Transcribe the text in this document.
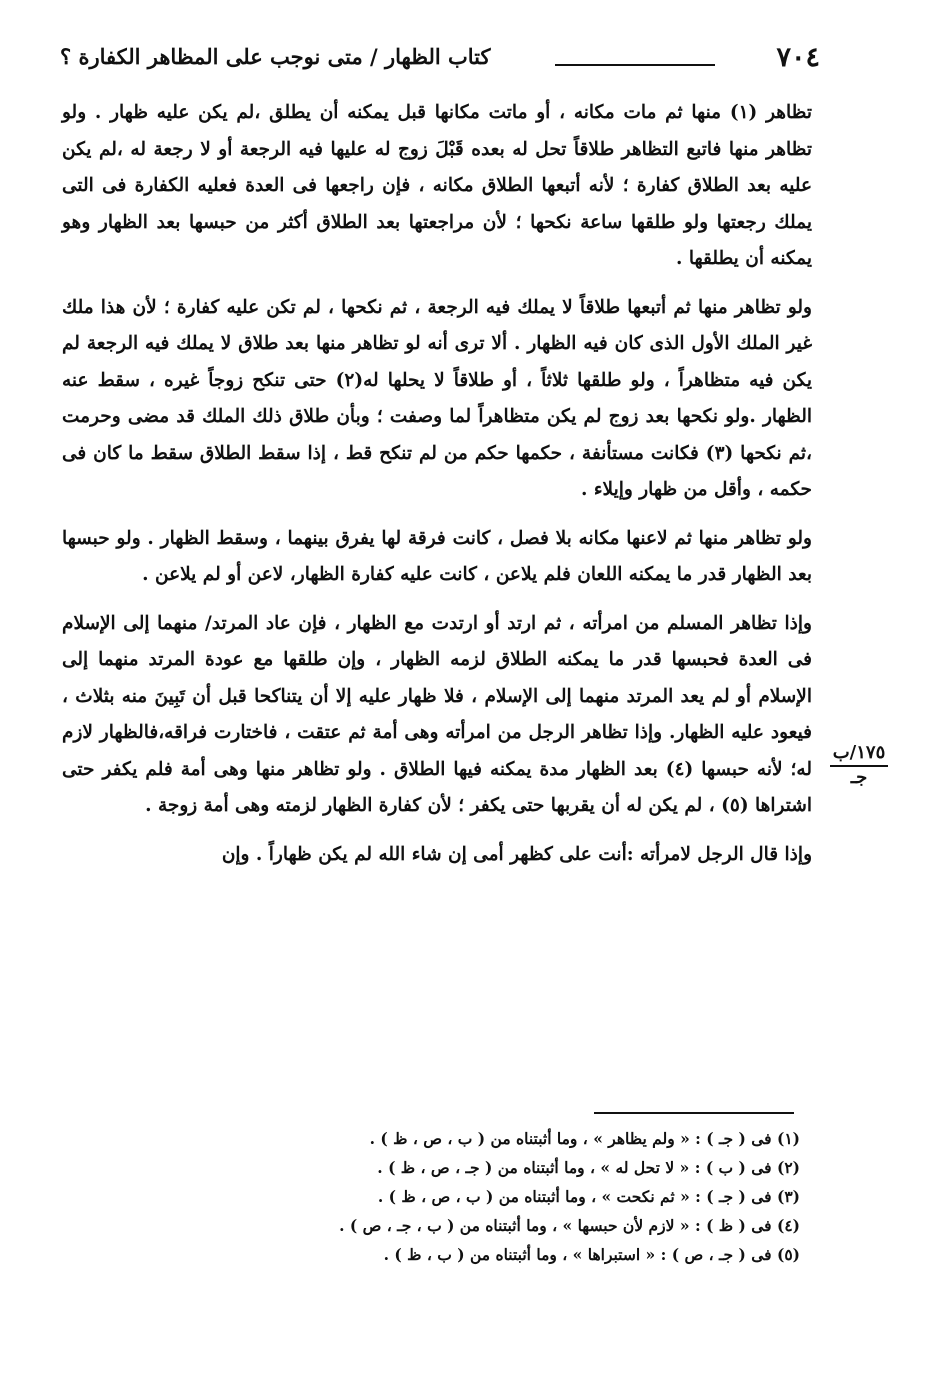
٧٠٤
كتاب الظهار / متى نوجب على المظاهر الكفارة ؟

تظاهر (١) منها ثم مات مكانه ، أو ماتت مكانها قبل يمكنه أن يطلق ،لم يكن عليه ظهار . ولو تظاهر منها فاتبع التظاهر طلاقاً تحل له بعده قَبْلَ زوج له عليها فيه الرجعة أو لا رجعة له ،لم يكن عليه بعد الطلاق كفارة ؛ لأنه أتبعها الطلاق مكانه ، فإن راجعها فى العدة فعليه الكفارة فى التى يملك رجعتها ولو طلقها ساعة نكحها ؛ لأن مراجعتها بعد الطلاق أكثر من حبسها بعد الظهار وهو يمكنه أن يطلقها .

ولو تظاهر منها ثم أتبعها طلاقاً لا يملك فيه الرجعة ، ثم نكحها ، لم تكن عليه كفارة ؛ لأن هذا ملك غير الملك الأول الذى كان فيه الظهار . ألا ترى أنه لو تظاهر منها بعد طلاق لا يملك فيه الرجعة لم يكن فيه متظاهراً ، ولو طلقها ثلاثاً ، أو طلاقاً لا يحلها له(٢) حتى تنكح زوجاً غيره ، سقط عنه الظهار .ولو نكحها بعد زوج لم يكن متظاهراً لما وصفت ؛ وبأن طلاق ذلك الملك قد مضى وحرمت ،ثم نكحها (٣) فكانت مستأنفة ، حكمها حكم من لم تنكح قط ، إذا سقط الطلاق سقط ما كان فى حكمه ، وأقل من ظهار وإيلاء .

ولو تظاهر منها ثم لاعنها مكانه بلا فصل ، كانت فرقة لها يفرق بينهما ، وسقط الظهار . ولو حبسها بعد الظهار قدر ما يمكنه اللعان فلم يلاعن ، كانت عليه كفارة الظهار، لاعن أو لم يلاعن .

وإذا تظاهر المسلم من امرأته ، ثم ارتد أو ارتدت مع الظهار ، فإن عاد المرتد/ منهما إلى الإسلام فى العدة فحبسها قدر ما يمكنه الطلاق لزمه الظهار ، وإن طلقها مع عودة المرتد منهما إلى الإسلام أو لم يعد المرتد منهما إلى الإسلام ، فلا ظهار عليه إلا أن يتناكحا قبل أن تَبِينَ منه بثلاث ، فيعود عليه الظهار. وإذا تظاهر الرجل من امرأته وهى أمة ثم عتقت ، فاختارت فراقه،فالظهار لازم له؛ لأنه حبسها (٤) بعد الظهار مدة يمكنه فيها الطلاق . ولو تظاهر منها وهى أمة فلم يكفر حتى اشتراها (٥) ، لم يكن له أن يقربها حتى يكفر ؛ لأن كفارة الظهار لزمته وهى أمة زوجة .

وإذا قال الرجل لامرأته :أنت على كظهر أمى إن شاء الله لم يكن ظهاراً . وإن

١٧٥/ب
جـ
(١) فى ( جـ ) : « ولم يظاهر » ، وما أثبتناه من ( ب ، ص ، ظ ) .
(٢) فى ( ب ) : « لا تحل له » ، وما أثبتناه من ( جـ ، ص ، ظ ) .
(٣) فى ( جـ ) : « ثم نكحت » ، وما أثبتناه من ( ب ، ص ، ظ ) .
(٤) فى ( ظ ) : « لازم لأن حبسها » ، وما أثبتناه من ( ب ، جـ ، ص ) .
(٥) فى ( جـ ، ص ) : « استبراها » ، وما أثبتناه من ( ب ، ظ ) .
